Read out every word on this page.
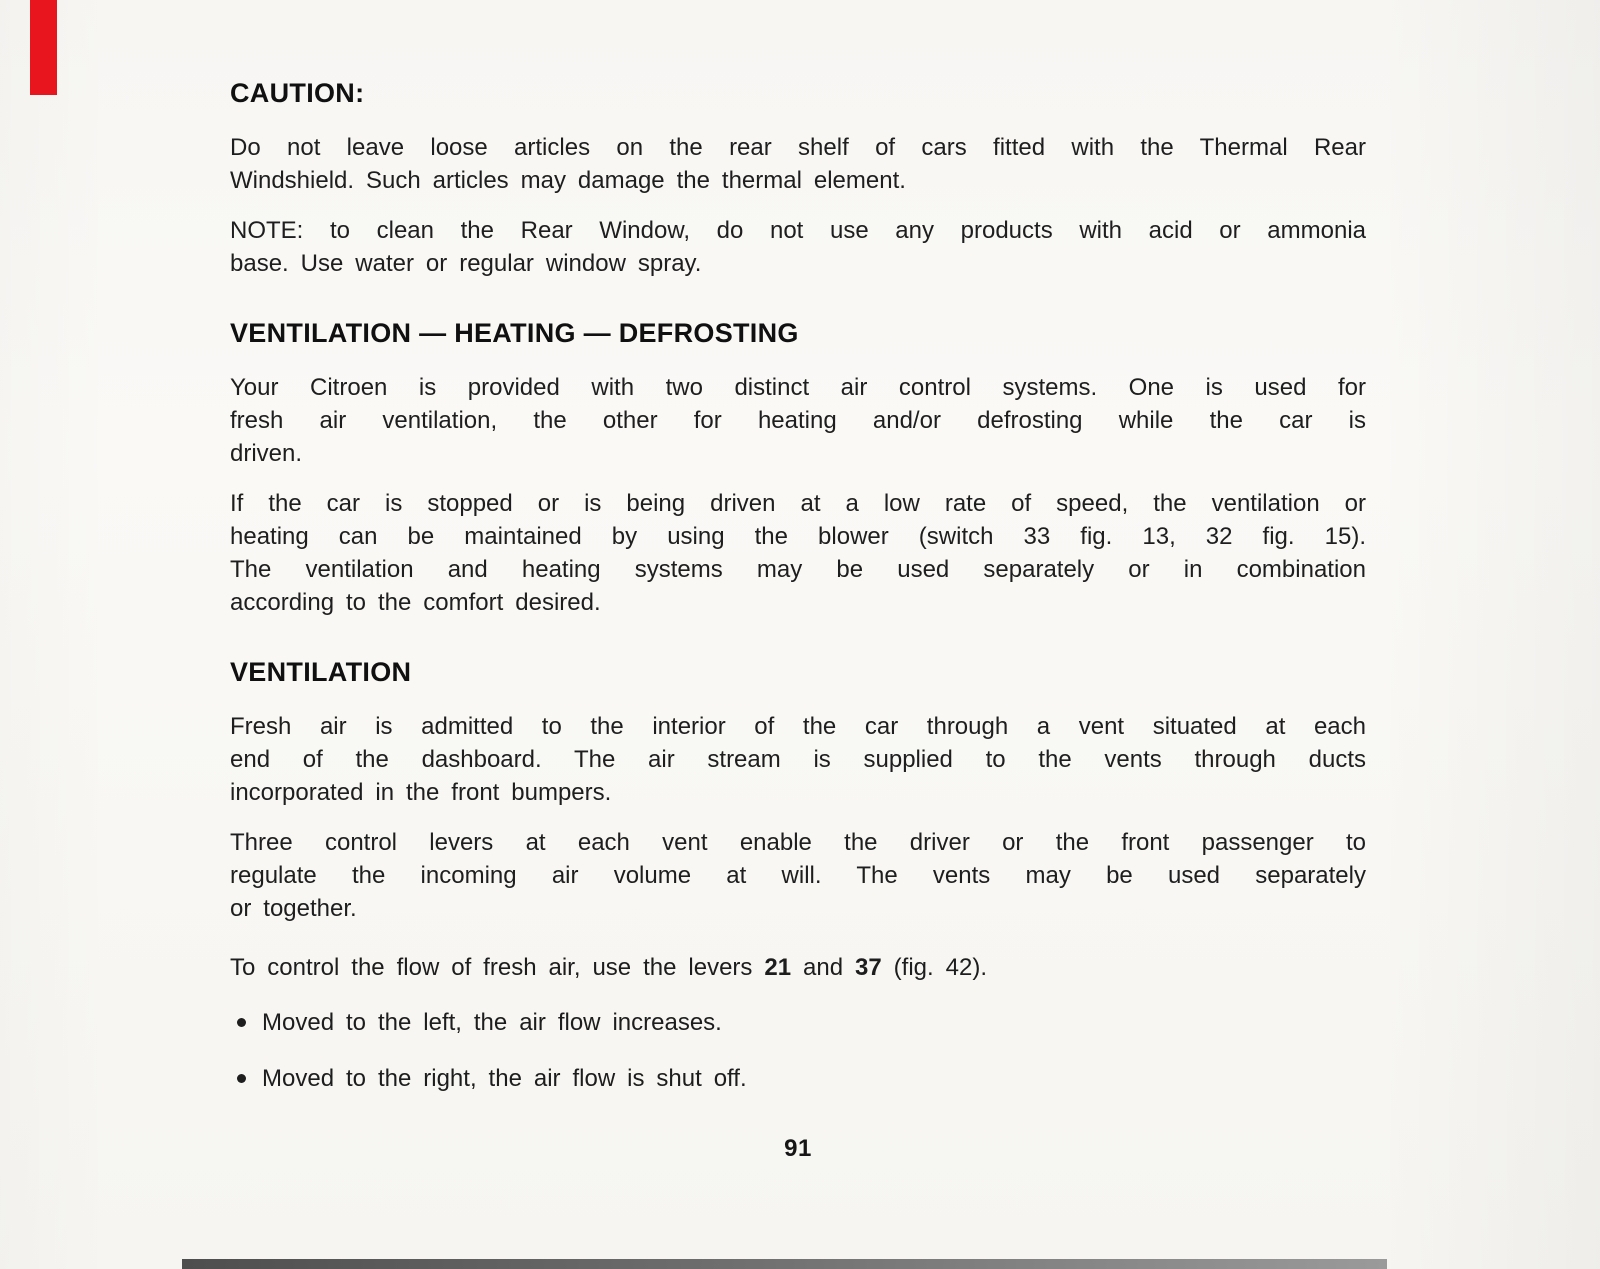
CAUTION:
Do not leave loose articles on the rear shelf of cars fitted with the Thermal Rear
Windshield. Such articles may damage the thermal element.
NOTE: to clean the Rear Window, do not use any products with acid or ammonia
base. Use water or regular window spray.
VENTILATION — HEATING — DEFROSTING
Your Citroen is provided with two distinct air control systems. One is used for
fresh air ventilation, the other for heating and/or defrosting while the car is
driven.
If the car is stopped or is being driven at a low rate of speed, the ventilation or
heating can be maintained by using the blower (switch 33 fig. 13, 32 fig. 15).
The ventilation and heating systems may be used separately or in combination
according to the comfort desired.
VENTILATION
Fresh air is admitted to the interior of the car through a vent situated at each
end of the dashboard. The air stream is supplied to the vents through ducts
incorporated in the front bumpers.
Three control levers at each vent enable the driver or the front passenger to
regulate the incoming air volume at will. The vents may be used separately
or together.
To control the flow of fresh air, use the levers 21 and 37 (fig. 42).
Moved to the left, the air flow increases.
Moved to the right, the air flow is shut off.
91
